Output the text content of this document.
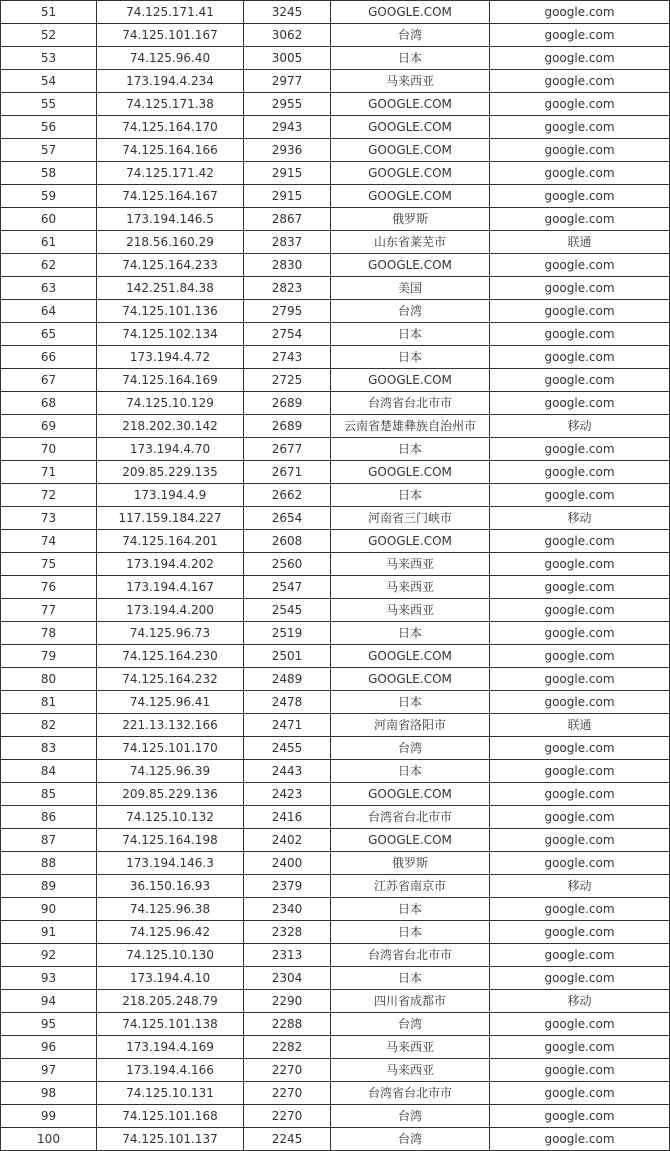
51	74.125.171.41	3245	GOOGLE.COM	google.com
52	74.125.101.167	3062	台湾	google.com
53	74.125.96.40	3005	日本	google.com
54	173.194.4.234	2977	马来西亚	google.com
55	74.125.171.38	2955	GOOGLE.COM	google.com
56	74.125.164.170	2943	GOOGLE.COM	google.com
57	74.125.164.166	2936	GOOGLE.COM	google.com
58	74.125.171.42	2915	GOOGLE.COM	google.com
59	74.125.164.167	2915	GOOGLE.COM	google.com
60	173.194.146.5	2867	俄罗斯	google.com
61	218.56.160.29	2837	山东省莱芜市	联通
62	74.125.164.233	2830	GOOGLE.COM	google.com
63	142.251.84.38	2823	美国	google.com
64	74.125.101.136	2795	台湾	google.com
65	74.125.102.134	2754	日本	google.com
66	173.194.4.72	2743	日本	google.com
67	74.125.164.169	2725	GOOGLE.COM	google.com
68	74.125.10.129	2689	台湾省台北市市	google.com
69	218.202.30.142	2689	云南省楚雄彝族自治州市	移动
70	173.194.4.70	2677	日本	google.com
71	209.85.229.135	2671	GOOGLE.COM	google.com
72	173.194.4.9	2662	日本	google.com
73	117.159.184.227	2654	河南省三门峡市	移动
74	74.125.164.201	2608	GOOGLE.COM	google.com
75	173.194.4.202	2560	马来西亚	google.com
76	173.194.4.167	2547	马来西亚	google.com
77	173.194.4.200	2545	马来西亚	google.com
78	74.125.96.73	2519	日本	google.com
79	74.125.164.230	2501	GOOGLE.COM	google.com
80	74.125.164.232	2489	GOOGLE.COM	google.com
81	74.125.96.41	2478	日本	google.com
82	221.13.132.166	2471	河南省洛阳市	联通
83	74.125.101.170	2455	台湾	google.com
84	74.125.96.39	2443	日本	google.com
85	209.85.229.136	2423	GOOGLE.COM	google.com
86	74.125.10.132	2416	台湾省台北市市	google.com
87	74.125.164.198	2402	GOOGLE.COM	google.com
88	173.194.146.3	2400	俄罗斯	google.com
89	36.150.16.93	2379	江苏省南京市	移动
90	74.125.96.38	2340	日本	google.com
91	74.125.96.42	2328	日本	google.com
92	74.125.10.130	2313	台湾省台北市市	google.com
93	173.194.4.10	2304	日本	google.com
94	218.205.248.79	2290	四川省成都市	移动
95	74.125.101.138	2288	台湾	google.com
96	173.194.4.169	2282	马来西亚	google.com
97	173.194.4.166	2270	马来西亚	google.com
98	74.125.10.131	2270	台湾省台北市市	google.com
99	74.125.101.168	2270	台湾	google.com
100	74.125.101.137	2245	台湾	google.com
